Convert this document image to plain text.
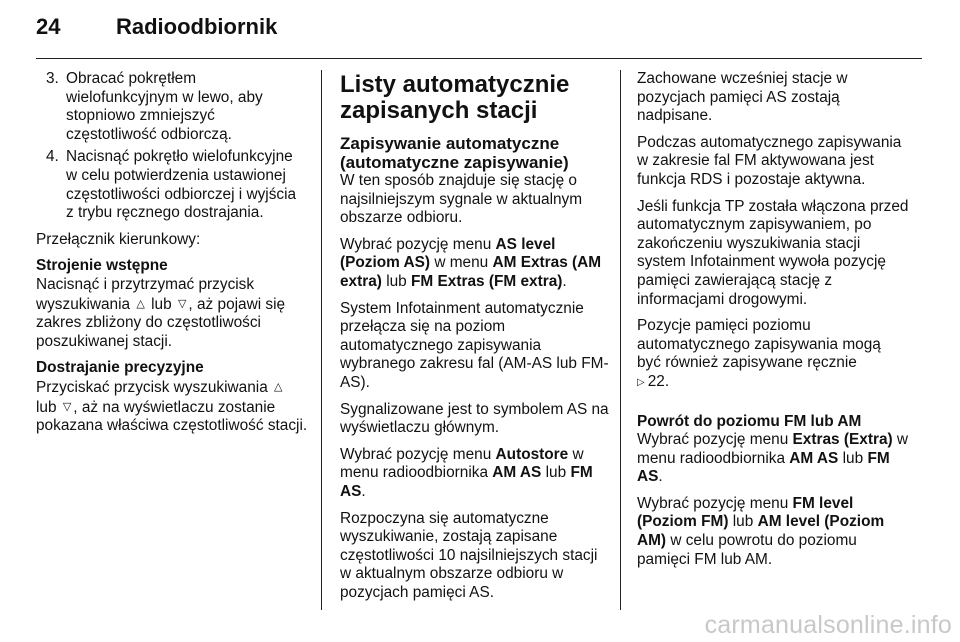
24	Radioodbiornik
3. Obracać pokrętłem wielofunkcyjnym w lewo, aby stopniowo zmniejszyć częstotliwość odbiorczą.
4. Nacisnąć pokrętło wielofunkcyjne w celu potwierdzenia ustawionej częstotliwości odbiorczej i wyjścia z trybu ręcznego dostrajania.

Przełącznik kierunkowy:

Strojenie wstępne

Nacisnąć i przytrzymać przycisk wyszukiwania △ lub ▽ , aż pojawi się zakres zbliżony do częstotliwości poszukiwanej stacji.

Dostrajanie precyzyjne

Przyciskać przycisk wyszukiwania △ lub ▽ , aż na wyświetlaczu zostanie pokazana właściwa częstotliwość stacji.

Listy automatycznie zapisanych stacji
Zapisywanie automatyczne (automatyczne zapisywanie)

W ten sposób znajduje się stację o najsilniejszym sygnale w aktualnym obszarze odbioru.

Wybrać pozycję menu AS level (Poziom AS) w menu AM Extras (AM extra) lub FM Extras (FM extra).

System Infotainment automatycznie przełącza się na poziom automatycznego zapisywania wybranego zakresu fal (AM-AS lub FM-AS).

Sygnalizowane jest to symbolem AS na wyświetlaczu głównym.

Wybrać pozycję menu Autostore w menu radioodbiornika AM AS lub FM AS.

Rozpoczyna się automatyczne wyszukiwanie, zostają zapisane częstotliwości 10 najsilniejszych stacji w aktualnym obszarze odbioru w pozycjach pamięci AS.

Zachowane wcześniej stacje w pozycjach pamięci AS zostają nadpisane.

Podczas automatycznego zapisywania w zakresie fal FM aktywowana jest funkcja RDS i pozostaje aktywna.

Jeśli funkcja TP została włączona przed automatycznym zapisywaniem, po zakończeniu wyszukiwania stacji system Infotainment wywoła pozycję pamięci zawierającą stację z informacjami drogowymi.

Pozycje pamięci poziomu automatycznego zapisywania mogą być również zapisywane ręcznie
▷ 22.

Powrót do poziomu FM lub AM

Wybrać pozycję menu Extras (Extra) w menu radioodbiornika AM AS lub FM AS.

Wybrać pozycję menu FM level (Poziom FM) lub AM level (Poziom AM) w celu powrotu do poziomu pamięci FM lub AM.

carmanualsonline.info
